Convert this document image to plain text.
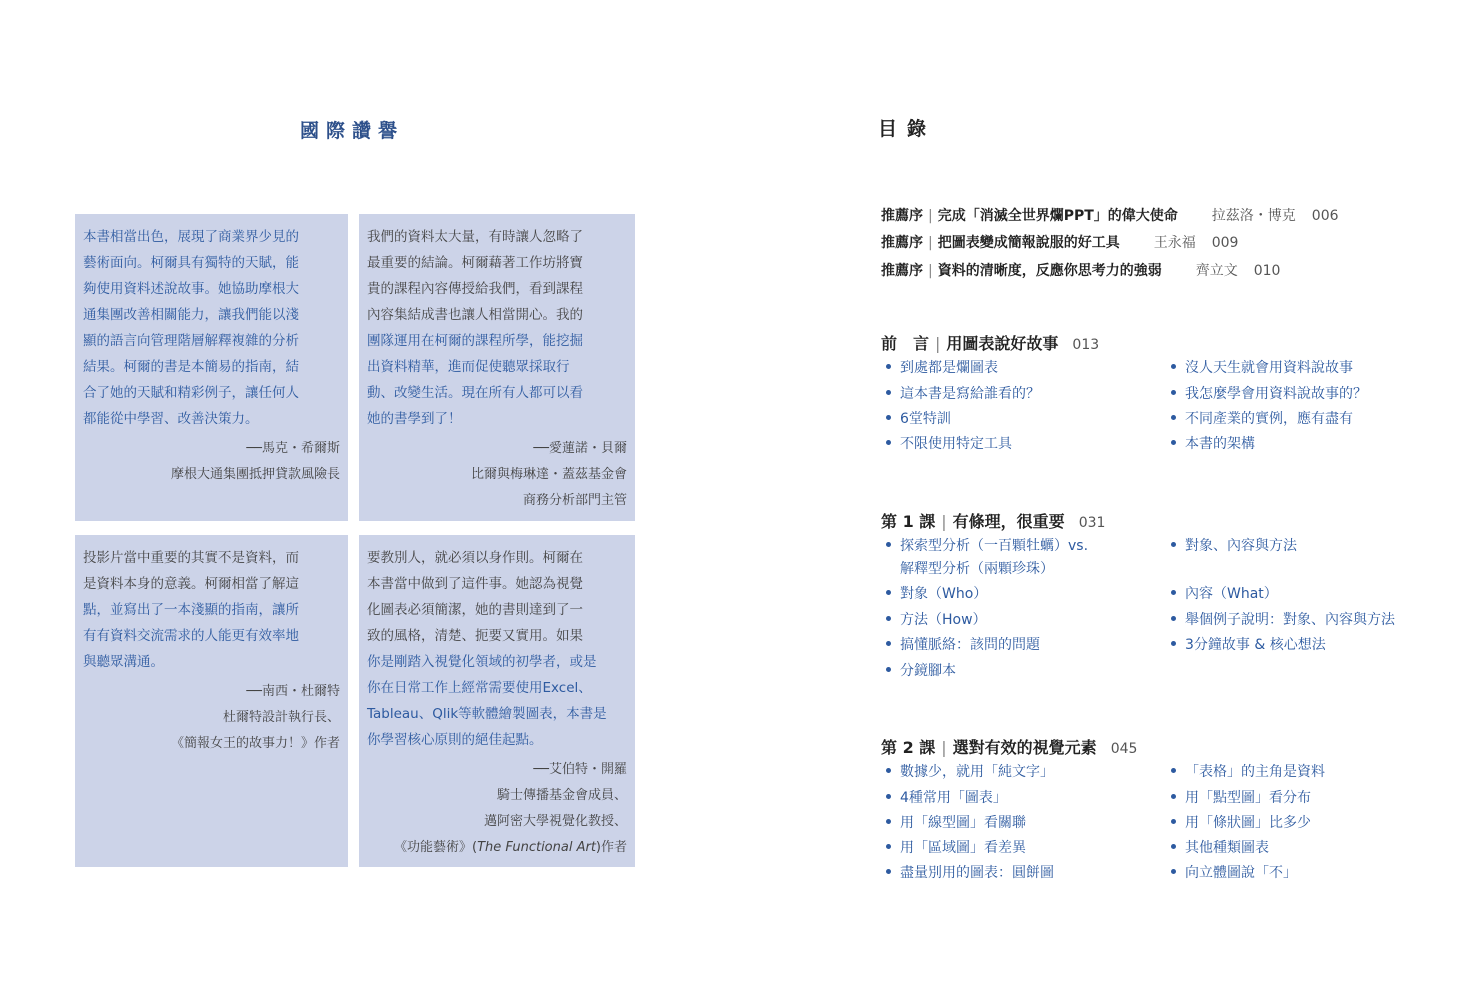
國際讚譽
本書相當出色，展現了商業界少見的
藝術面向。柯爾具有獨特的天賦，能
夠使用資料述說故事。她協助摩根大
通集團改善相關能力，讓我們能以淺
顯的語言向管理階層解釋複雜的分析
結果。柯爾的書是本簡易的指南，結
合了她的天賦和精彩例子，讓任何人
都能從中學習、改善決策力。
──馬克・希爾斯
摩根大通集團抵押貸款風險長
我們的資料太大量，有時讓人忽略了
最重要的結論。柯爾藉著工作坊將寶
貴的課程內容傳授給我們，看到課程
內容集結成書也讓人相當開心。我的
團隊運用在柯爾的課程所學，能挖掘
出資料精華，進而促使聽眾採取行
動、改變生活。現在所有人都可以看
她的書學到了！
──愛蓮諾・貝爾
比爾與梅琳達・蓋茲基金會
商務分析部門主管
投影片當中重要的其實不是資料，而
是資料本身的意義。柯爾相當了解這
點，並寫出了一本淺顯的指南，讓所
有有資料交流需求的人能更有效率地
與聽眾溝通。
──南西・杜爾特
杜爾特設計執行長、
《簡報女王的故事力！》作者
要教別人，就必須以身作則。柯爾在
本書當中做到了這件事。她認為視覺
化圖表必須簡潔，她的書則達到了一
致的風格，清楚、扼要又實用。如果
你是剛踏入視覺化領域的初學者，或是
你在日常工作上經常需要使用Excel、
Tableau、Qlik等軟體繪製圖表，本書是
你學習核心原則的絕佳起點。
──艾伯特・開羅
騎士傳播基金會成員、
邁阿密大學視覺化教授、
《功能藝術》(The Functional Art)作者
目錄
推薦序 | 完成「消滅全世界爛PPT」的偉大使命 拉茲洛・博克 006
推薦序 | 把圖表變成簡報說服的好工具 王永福 009
推薦序 | 資料的清晰度，反應你思考力的強弱 齊立文 010
前　言 | 用圖表說好故事 013
到處都是爛圖表
這本書是寫給誰看的？
6堂特訓
不限使用特定工具
沒人天生就會用資料說故事
我怎麼學會用資料說故事的？
不同產業的實例，應有盡有
本書的架構
第 1 課 | 有條理，很重要 031
探索型分析（一百顆牡蠣）vs.
解釋型分析（兩顆珍珠）
對象（Who）
方法（How）
搞懂脈絡：該問的問題
分鏡腳本
對象、內容與方法
內容（What）
舉個例子說明：對象、內容與方法
3分鐘故事 & 核心想法
第 2 課 | 選對有效的視覺元素 045
數據少，就用「純文字」
4種常用「圖表」
用「線型圖」看關聯
用「區域圖」看差異
盡量別用的圖表：圓餅圖
「表格」的主角是資料
用「點型圖」看分布
用「條狀圖」比多少
其他種類圖表
向立體圖說「不」
